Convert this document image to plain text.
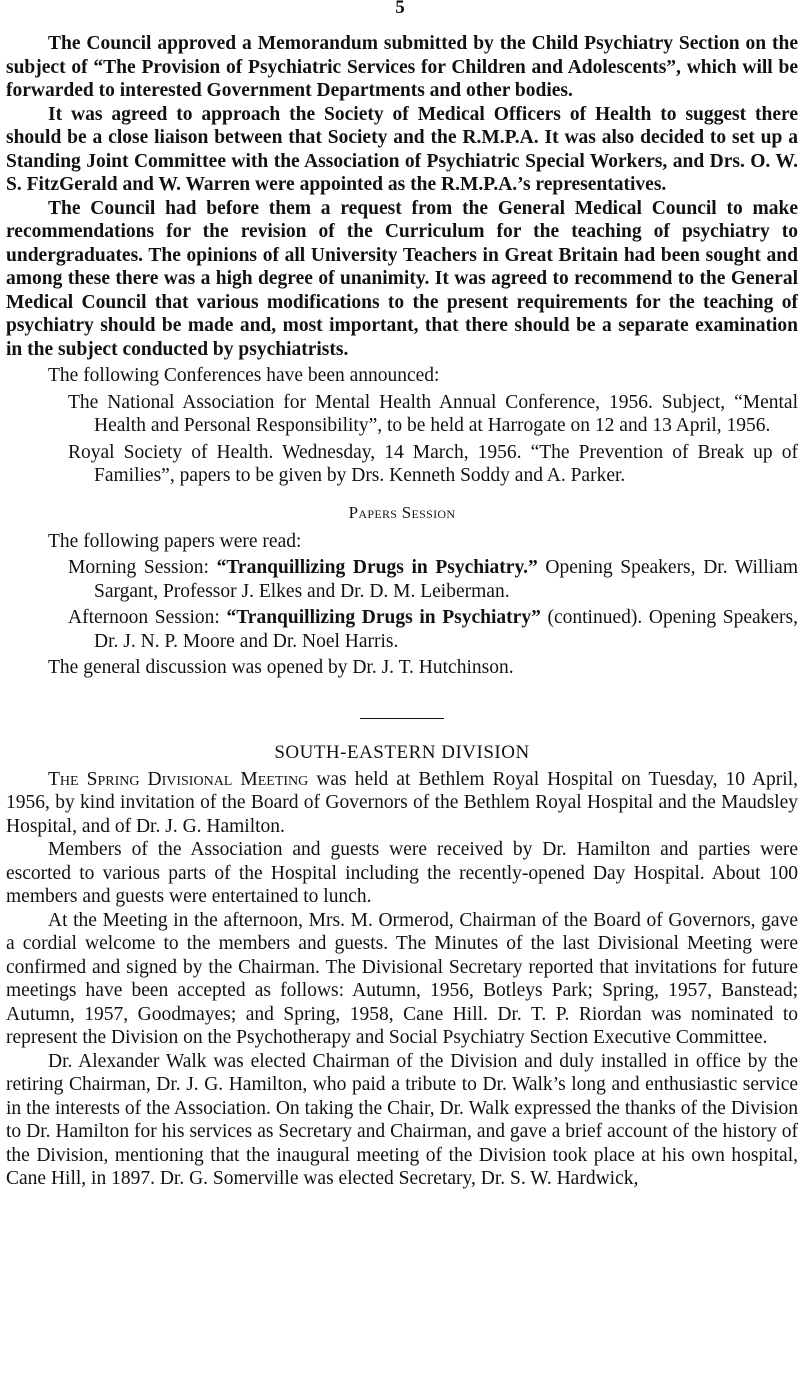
5

The Council approved a Memorandum submitted by the Child Psychiatry Section on the subject of “The Provision of Psychiatric Services for Children and Adolescents”, which will be forwarded to interested Government Departments and other bodies.

It was agreed to approach the Society of Medical Officers of Health to suggest there should be a close liaison between that Society and the R.M.P.A. It was also decided to set up a Standing Joint Committee with the Association of Psychiatric Special Workers, and Drs. O. W. S. FitzGerald and W. Warren were appointed as the R.M.P.A.’s representatives.

The Council had before them a request from the General Medical Council to make recommendations for the revision of the Curriculum for the teaching of psychiatry to undergraduates. The opinions of all University Teachers in Great Britain had been sought and among these there was a high degree of unanimity. It was agreed to recommend to the General Medical Council that various modifications to the present requirements for the teaching of psychiatry should be made and, most important, that there should be a separate examination in the subject conducted by psychiatrists.

The following Conferences have been announced:

The National Association for Mental Health Annual Conference, 1956. Subject, “Mental Health and Personal Responsibility”, to be held at Harrogate on 12 and 13 April, 1956.

Royal Society of Health. Wednesday, 14 March, 1956. “The Prevention of Break up of Families”, papers to be given by Drs. Kenneth Soddy and A. Parker.

Papers Session

The following papers were read:

Morning Session: “Tranquillizing Drugs in Psychiatry.” Opening Speakers, Dr. William Sargant, Professor J. Elkes and Dr. D. M. Leiberman.

Afternoon Session: “Tranquillizing Drugs in Psychiatry” (continued). Opening Speakers, Dr. J. N. P. Moore and Dr. Noel Harris.

The general discussion was opened by Dr. J. T. Hutchinson.

SOUTH-EASTERN DIVISION

The Spring Divisional Meeting was held at Bethlem Royal Hospital on Tuesday, 10 April, 1956, by kind invitation of the Board of Governors of the Bethlem Royal Hospital and the Maudsley Hospital, and of Dr. J. G. Hamilton.

Members of the Association and guests were received by Dr. Hamilton and parties were escorted to various parts of the Hospital including the recently-opened Day Hospital. About 100 members and guests were entertained to lunch.

At the Meeting in the afternoon, Mrs. M. Ormerod, Chairman of the Board of Governors, gave a cordial welcome to the members and guests. The Minutes of the last Divisional Meeting were confirmed and signed by the Chairman. The Divisional Secretary reported that invitations for future meetings have been accepted as follows: Autumn, 1956, Botleys Park; Spring, 1957, Banstead; Autumn, 1957, Goodmayes; and Spring, 1958, Cane Hill. Dr. T. P. Riordan was nominated to represent the Division on the Psychotherapy and Social Psychiatry Section Executive Committee.

Dr. Alexander Walk was elected Chairman of the Division and duly installed in office by the retiring Chairman, Dr. J. G. Hamilton, who paid a tribute to Dr. Walk’s long and enthusiastic service in the interests of the Association. On taking the Chair, Dr. Walk expressed the thanks of the Division to Dr. Hamilton for his services as Secretary and Chairman, and gave a brief account of the history of the Division, mentioning that the inaugural meeting of the Division took place at his own hospital, Cane Hill, in 1897. Dr. G. Somerville was elected Secretary, Dr. S. W. Hardwick,
